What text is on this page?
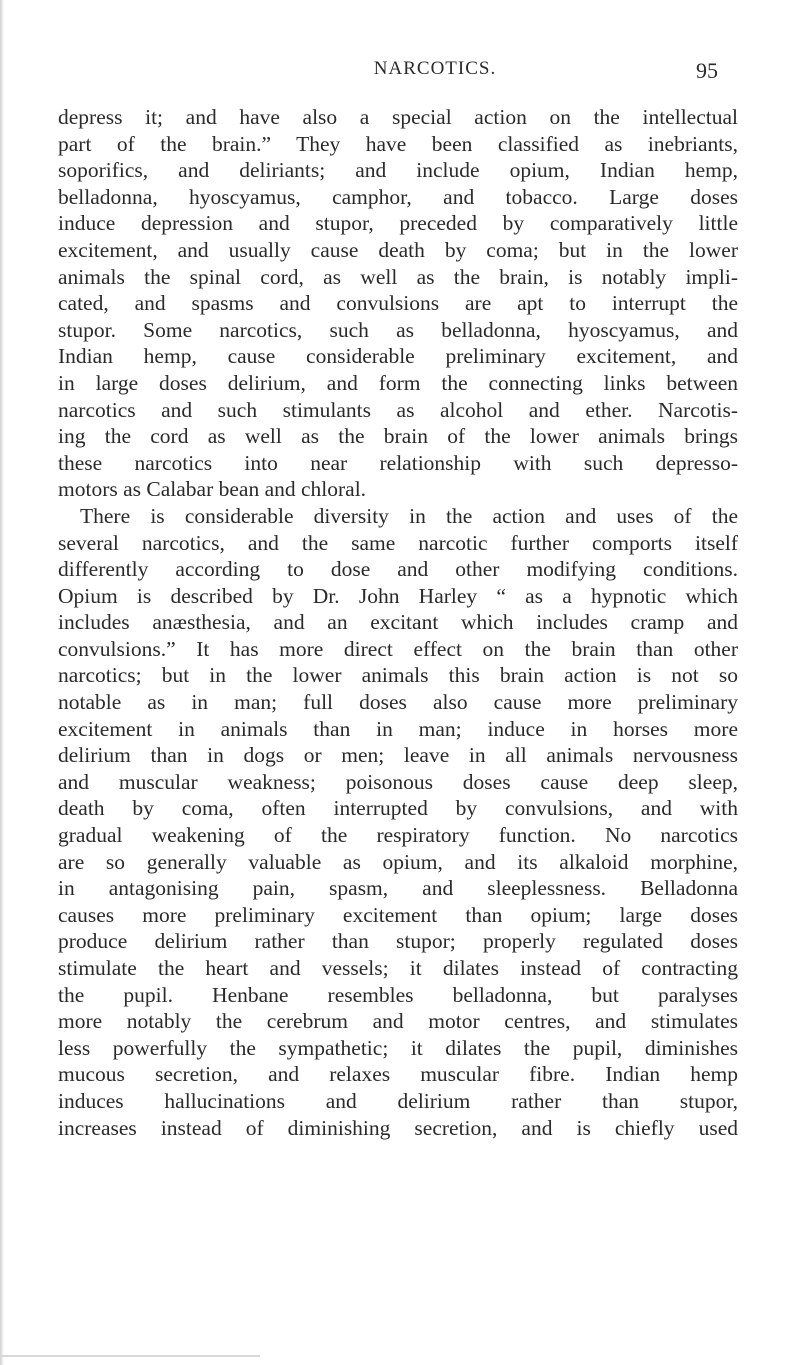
NARCOTICS.	95
depress it; and have also a special action on the intellectual
part of the brain.” They have been classified as inebriants,
soporifics, and deliriants; and include opium, Indian hemp,
belladonna, hyoscyamus, camphor, and tobacco. Large doses
induce depression and stupor, preceded by comparatively little
excitement, and usually cause death by coma; but in the lower
animals the spinal cord, as well as the brain, is notably impli-
cated, and spasms and convulsions are apt to interrupt the
stupor. Some narcotics, such as belladonna, hyoscyamus, and
Indian hemp, cause considerable preliminary excitement, and
in large doses delirium, and form the connecting links between
narcotics and such stimulants as alcohol and ether. Narcotis-
ing the cord as well as the brain of the lower animals brings
these narcotics into near relationship with such depresso-
motors as Calabar bean and chloral.
There is considerable diversity in the action and uses of the
several narcotics, and the same narcotic further comports itself
differently according to dose and other modifying conditions.
Opium is described by Dr. John Harley “ as a hypnotic which
includes anæsthesia, and an excitant which includes cramp and
convulsions.” It has more direct effect on the brain than other
narcotics; but in the lower animals this brain action is not so
notable as in man; full doses also cause more preliminary
excitement in animals than in man; induce in horses more
delirium than in dogs or men; leave in all animals nervousness
and muscular weakness; poisonous doses cause deep sleep,
death by coma, often interrupted by convulsions, and with
gradual weakening of the respiratory function. No narcotics
are so generally valuable as opium, and its alkaloid morphine,
in antagonising pain, spasm, and sleeplessness. Belladonna
causes more preliminary excitement than opium; large doses
produce delirium rather than stupor; properly regulated doses
stimulate the heart and vessels; it dilates instead of contracting
the pupil. Henbane resembles belladonna, but paralyses
more notably the cerebrum and motor centres, and stimulates
less powerfully the sympathetic; it dilates the pupil, diminishes
mucous secretion, and relaxes muscular fibre. Indian hemp
induces hallucinations and delirium rather than stupor,
increases instead of diminishing secretion, and is chiefly used
